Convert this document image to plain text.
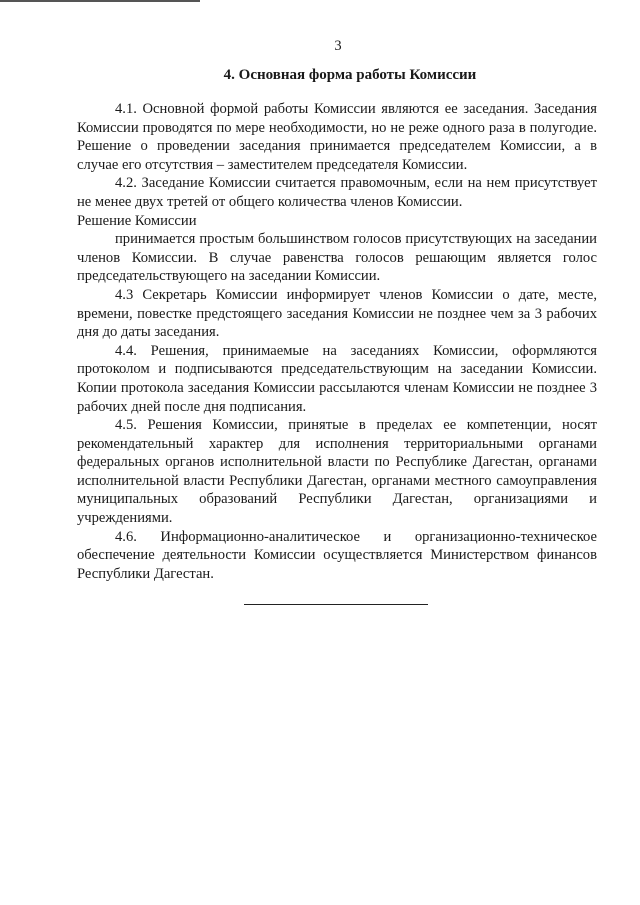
3
4. Основная форма работы Комиссии

4.1. Основной формой работы Комиссии являются ее заседания. Заседания Комиссии проводятся по мере необходимости, но не реже одного раза в полугодие. Решение о проведении заседания принимается председателем Комиссии, а в случае его отсутствия – заместителем председателя Комиссии.

4.2. Заседание Комиссии считается правомочным, если на нем присутствует не менее двух третей от общего количества членов Комиссии.

Решение Комиссии

принимается простым большинством голосов присутствующих на заседании членов Комиссии. В случае равенства голосов решающим является голос председательствующего на заседании Комиссии.

4.3 Секретарь Комиссии информирует членов Комиссии о дате, месте, времени, повестке предстоящего заседания Комиссии не позднее чем за 3 рабочих дня до даты заседания.

4.4. Решения, принимаемые на заседаниях Комиссии, оформляются протоколом и подписываются председательствующим на заседании Комиссии. Копии протокола заседания Комиссии рассылаются членам Комиссии не позднее 3 рабочих дней после дня подписания.

4.5. Решения Комиссии, принятые в пределах ее компетенции, носят рекомендательный характер для исполнения территориальными органами федеральных органов исполнительной власти по Республике Дагестан, органами исполнительной власти Республики Дагестан, органами местного самоуправления муниципальных образований Республики Дагестан, организациями и учреждениями.

4.6. Информационно-аналитическое и организационно-техническое обеспечение деятельности Комиссии осуществляется Министерством финансов Республики Дагестан.
